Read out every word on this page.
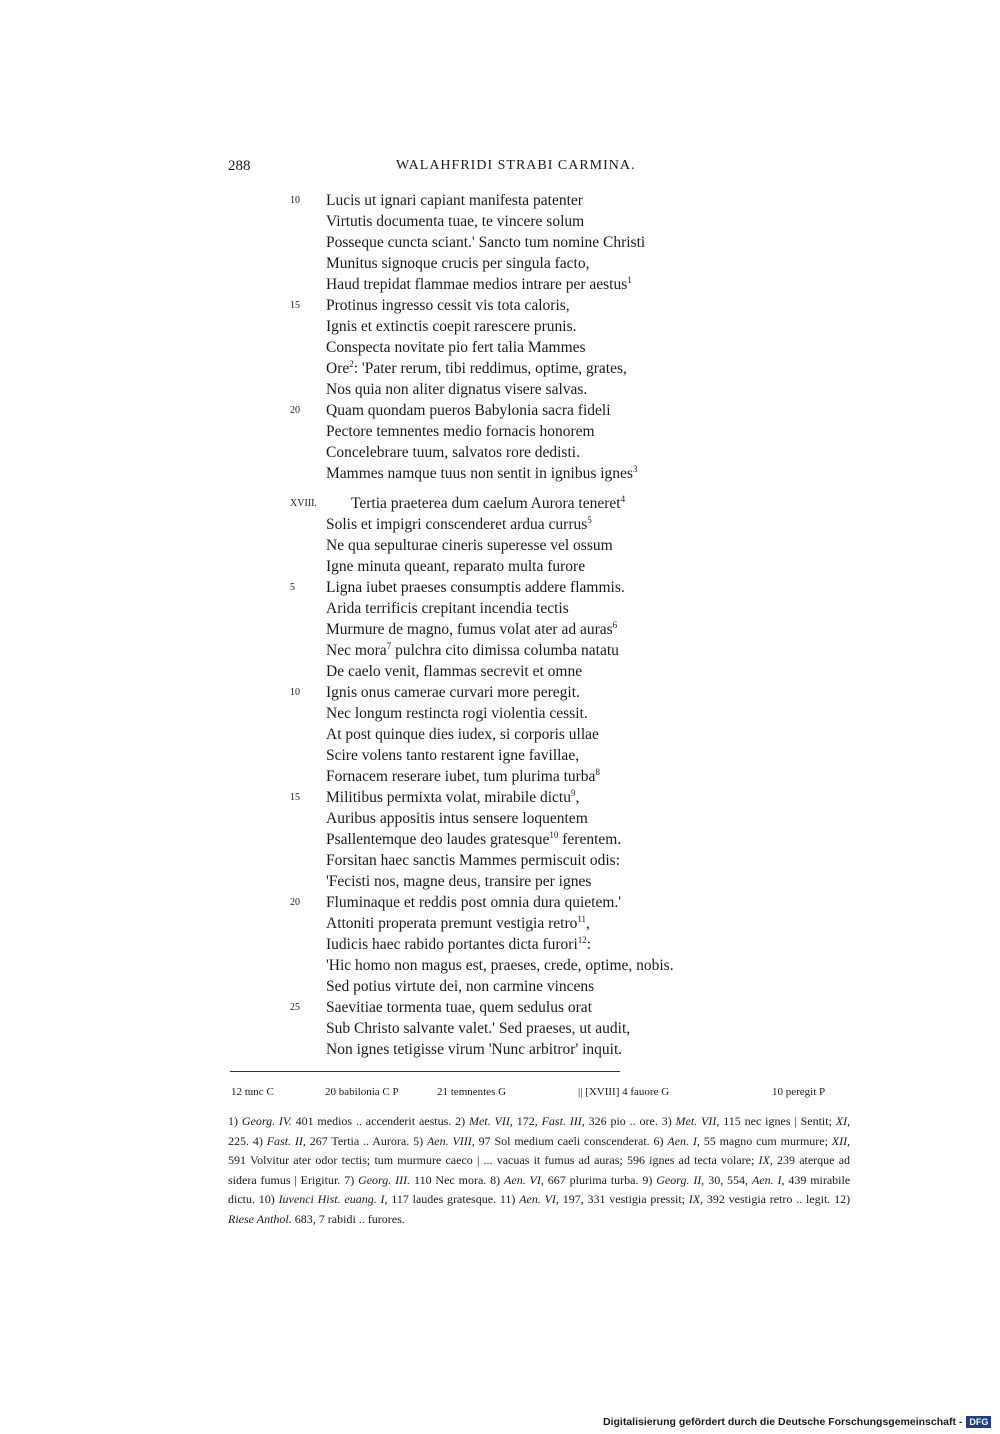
288	WALAHFRIDI STRABI CARMINA.
10	Lucis ut ignari capiant manifesta patenter
Virtutis documenta tuae, te vincere solum
Posseque cuncta sciant.' Sancto tum nomine Christi
Munitus signoque crucis per singula facto,
Haud trepidat flammae medios intrare per aestus$^1$
15	Protinus ingresso cessit vis tota caloris,
Ignis et extinctis coepit rarescere prunis.
Conspecta novitate pio fert talia Mammes
Ore$^2$: 'Pater rerum, tibi reddimus, optime, grates,
Nos quia non aliter dignatus visere salvas.
20	Quam quondam pueros Babylonia sacra fideli
Pectore temnentes medio fornacis honorem
Concelebrare tuum, salvatos rore dedisti.
Mammes namque tuus non sentit in ignibus ignes$^3$
XVIII. Tertia praeterea dum caelum Aurora teneret$^4$
Solis et impigri conscenderet ardua currus$^5$
Ne qua sepulturae cineris superesse vel ossum
Igne minuta queant, reparato multa furore
5	Ligna iubet praeses consumptis addere flammis.
Arida terrificis crepitant incendia tectis
Murmure de magno, fumus volat ater ad auras$^6$
Nec mora$^7$ pulchra cito dimissa columba natatu
De caelo venit, flammas secrevit et omne
10	Ignis onus camerae curvari more peregit.
Nec longum restincta rogi violentia cessit.
At post quinque dies iudex, si corporis ullae
Scire volens tanto restarent igne favillae,
Fornacem reserare iubet, tum plurima turba$^8$
15	Militibus permixta volat, mirabile dictu$^9$,
Auribus appositis intus sensere loquentem
Psallentemque deo laudes gratesque$^{10}$ ferentem.
Forsitan haec sanctis Mammes permiscuit odis:
'Fecisti nos, magne deus, transire per ignes
20	Fluminaque et reddis post omnia dura quietem.'
Attoniti properata premunt vestigia retro$^{11}$,
Iudicis haec rabido portantes dicta furori$^{12}$:
'Hic homo non magus est, praeses, crede, optime, nobis.
Sed potius virtute dei, non carmine vincens
25	Saevitiae tormenta tuae, quem sedulus orat
Sub Christo salvante valet.' Sed praeses, ut audit,
Non ignes tetigisse virum 'Nunc arbitror' inquit.
12 tunc C	20 babilonia C P	21 temnentes G	|| [XVIII] 4 fauore G	10 peregit P
1) Georg. IV. 401 medios .. accenderit aestus. 2) Met. VII, 172, Fast. III, 326 pio .. ore. 3) Met. VII, 115 nec ignes | Sentit; XI, 225. 4) Fast. II, 267 Tertia .. Aurora. 5) Aen. VIII, 97 Sol medium caeli conscenderat. 6) Aen. I, 55 magno cum murmure; XII, 591 Volvitur ater odor tectis; tum murmure caeco | ... vacuas it fumus ad auras; 596 ignes ad tecta volare; IX, 239 aterque ad sidera fumus | Erigitur. 7) Georg. III. 110 Nec mora. 8) Aen. VI, 667 plurima turba. 9) Georg. II, 30, 554, Aen. I, 439 mirabile dictu. 10) Iuvenci Hist. euang. I, 117 laudes gratesque. 11) Aen. VI, 197, 331 vestigia pressit; IX, 392 vestigia retro .. legit. 12) Riese Anthol. 683, 7 rabidi .. furores.
Digitalisierung gefördert durch die Deutsche Forschungsgemeinschaft - DFG
